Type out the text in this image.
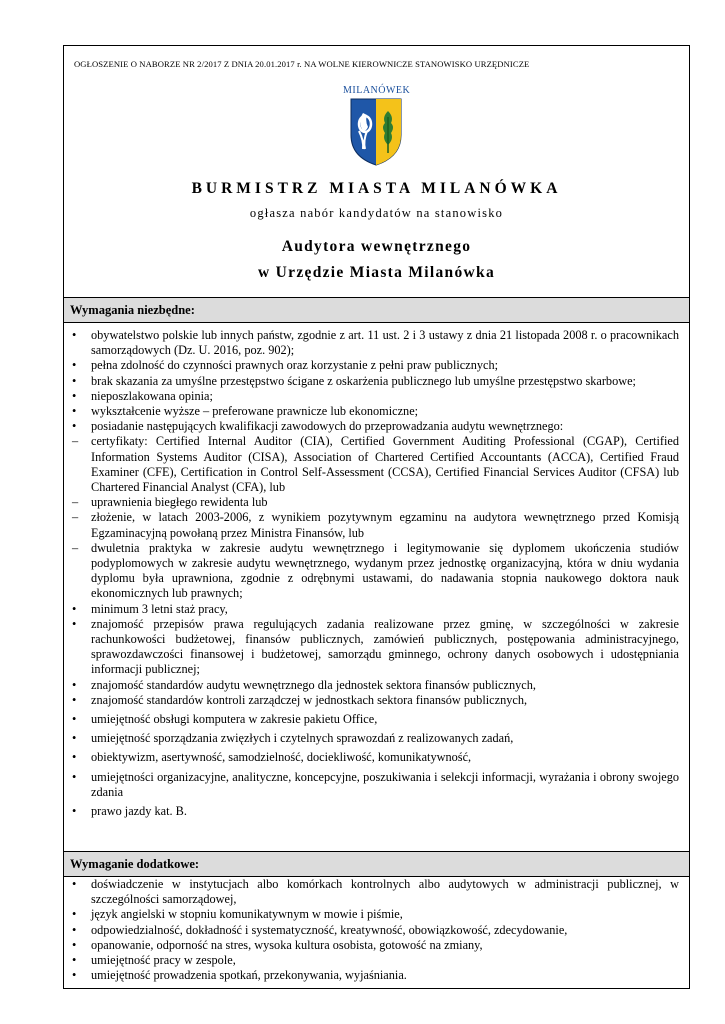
OGŁOSZENIE O NABORZE NR 2/2017 Z DNIA 20.01.2017 r. NA WOLNE KIEROWNICZE STANOWISKO URZĘDNICZE
MILANÓWEK
BURMISTRZ MIASTA MILANÓWKA
ogłasza nabór kandydatów na stanowisko
Audytora wewnętrznego
w Urzędzie Miasta Milanówka
Wymagania niezbędne:
• obywatelstwo polskie lub innych państw, zgodnie z art. 11 ust. 2 i 3 ustawy z dnia 21 listopada 2008 r. o pracownikach samorządowych (Dz. U. 2016, poz. 902);
• pełna zdolność do czynności prawnych oraz korzystanie z pełni praw publicznych;
• brak skazania za umyślne przestępstwo ścigane z oskarżenia publicznego lub umyślne przestępstwo skarbowe;
• nieposzlakowana opinia;
• wykształcenie wyższe – preferowane prawnicze lub ekonomiczne;
• posiadanie następujących kwalifikacji zawodowych do przeprowadzania audytu wewnętrznego:
– certyfikaty: Certified Internal Auditor (CIA), Certified Government Auditing Professional (CGAP), Certified Information Systems Auditor (CISA), Association of Chartered Certified Accountants (ACCA), Certified Fraud Examiner (CFE), Certification in Control Self-Assessment (CCSA), Certified Financial Services Auditor (CFSA) lub Chartered Financial Analyst (CFA), lub
– uprawnienia biegłego rewidenta lub
– złożenie, w latach 2003-2006, z wynikiem pozytywnym egzaminu na audytora wewnętrznego przed Komisją Egzaminacyjną powołaną przez Ministra Finansów, lub
– dwuletnia praktyka w zakresie audytu wewnętrznego i legitymowanie się dyplomem ukończenia studiów podyplomowych w zakresie audytu wewnętrznego, wydanym przez jednostkę organizacyjną, która w dniu wydania dyplomu była uprawniona, zgodnie z odrębnymi ustawami, do nadawania stopnia naukowego doktora nauk ekonomicznych lub prawnych;
• minimum 3 letni staż pracy,
• znajomość przepisów prawa regulujących zadania realizowane przez gminę, w szczególności w zakresie rachunkowości budżetowej, finansów publicznych, zamówień publicznych, postępowania administracyjnego, sprawozdawczości finansowej i budżetowej, samorządu gminnego, ochrony danych osobowych i udostępniania informacji publicznej;
• znajomość standardów audytu wewnętrznego dla jednostek sektora finansów publicznych,
• znajomość standardów kontroli zarządczej w jednostkach sektora finansów publicznych,
• umiejętność obsługi komputera w zakresie pakietu Office,
• umiejętność sporządzania zwięzłych i czytelnych sprawozdań z realizowanych zadań,
• obiektywizm, asertywność, samodzielność, dociekliwość, komunikatywność,
• umiejętności organizacyjne, analityczne, koncepcyjne, poszukiwania i selekcji informacji, wyrażania i obrony swojego zdania
• prawo jazdy kat. B.
Wymaganie dodatkowe:
• doświadczenie w instytucjach albo komórkach kontrolnych albo audytowych w administracji publicznej, w szczególności samorządowej,
• język angielski w stopniu komunikatywnym w mowie i piśmie,
• odpowiedzialność, dokładność i systematyczność, kreatywność, obowiązkowość, zdecydowanie,
• opanowanie, odporność na stres, wysoka kultura osobista, gotowość na zmiany,
• umiejętność pracy w zespole,
• umiejętność prowadzenia spotkań, przekonywania, wyjaśniania.
